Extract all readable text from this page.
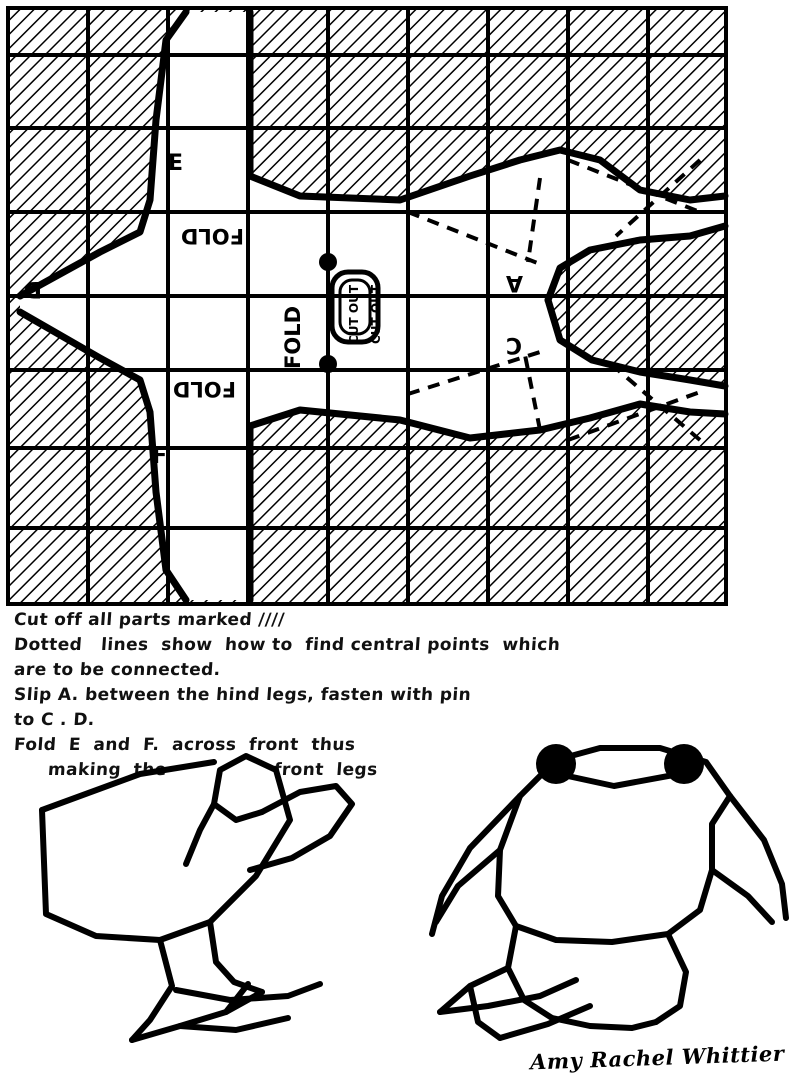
E
D
F
A
C
FOLD
FOLD
FOLD	CUT OUT CUT OUT
Cut off all parts marked ////
Dotted   lines  show  how to  find central points  which
are to be connected.
Slip A. between the hind legs, fasten with pin
to C . D.
Fold  E  and  F.  across  front  thus
making  the                 front  legs
Amy Rachel Whittier
